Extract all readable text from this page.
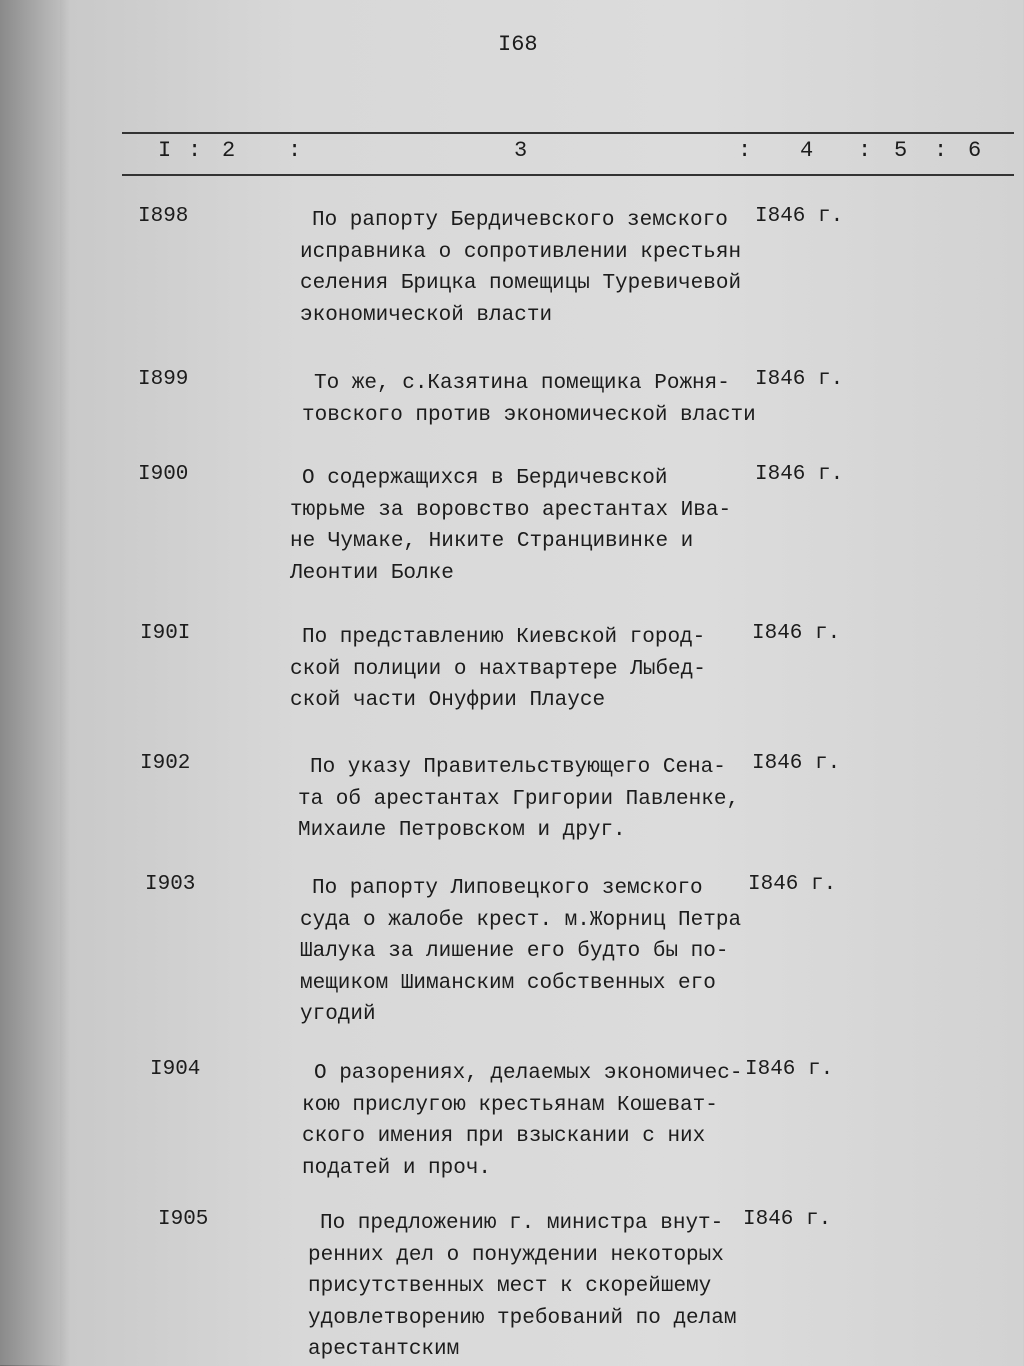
I68
I : 2 :	3	: 4 : 5 : 6
I898	По рапорту Бердичевского земского
исправника о сопротивлении крестьян
селения Брицка помещицы Туревичевой
экономической власти
I846 г.
I899	То же, с.Казятина помещика Рожня-
товского против экономической власти
I846 г.
I900	О содержащихся в Бердичевской
тюрьме за воровство арестантах Ива-
не Чумаке, Никите Странцивинке и
Леонтии Болке
I846 г.
I90I	По представлению Киевской город-
ской полиции о нахтвартере Лыбед-
ской части Онуфрии Плаусе
I846 г.
I902	По указу Правительствующего Сена-
та об арестантах Григории Павленке,
Михаиле Петровском и друг.
I846 г.
I903	По рапорту Липовецкого земского
суда о жалобе крест. м.Жорниц Петра
Шалука за лишение его будто бы по-
мещиком Шиманским собственных его
угодий
I846 г.
I904	О разорениях, делаемых экономичес-
кою прислугою крестьянам Кошеват-
ского имения при взыскании с них
податей и проч.
I846 г.
I905	По предложению г. министра внут-
ренних дел о понуждении некоторых
присутственных мест к скорейшему
удовлетворению требований по делам
арестантским
I846 г.
